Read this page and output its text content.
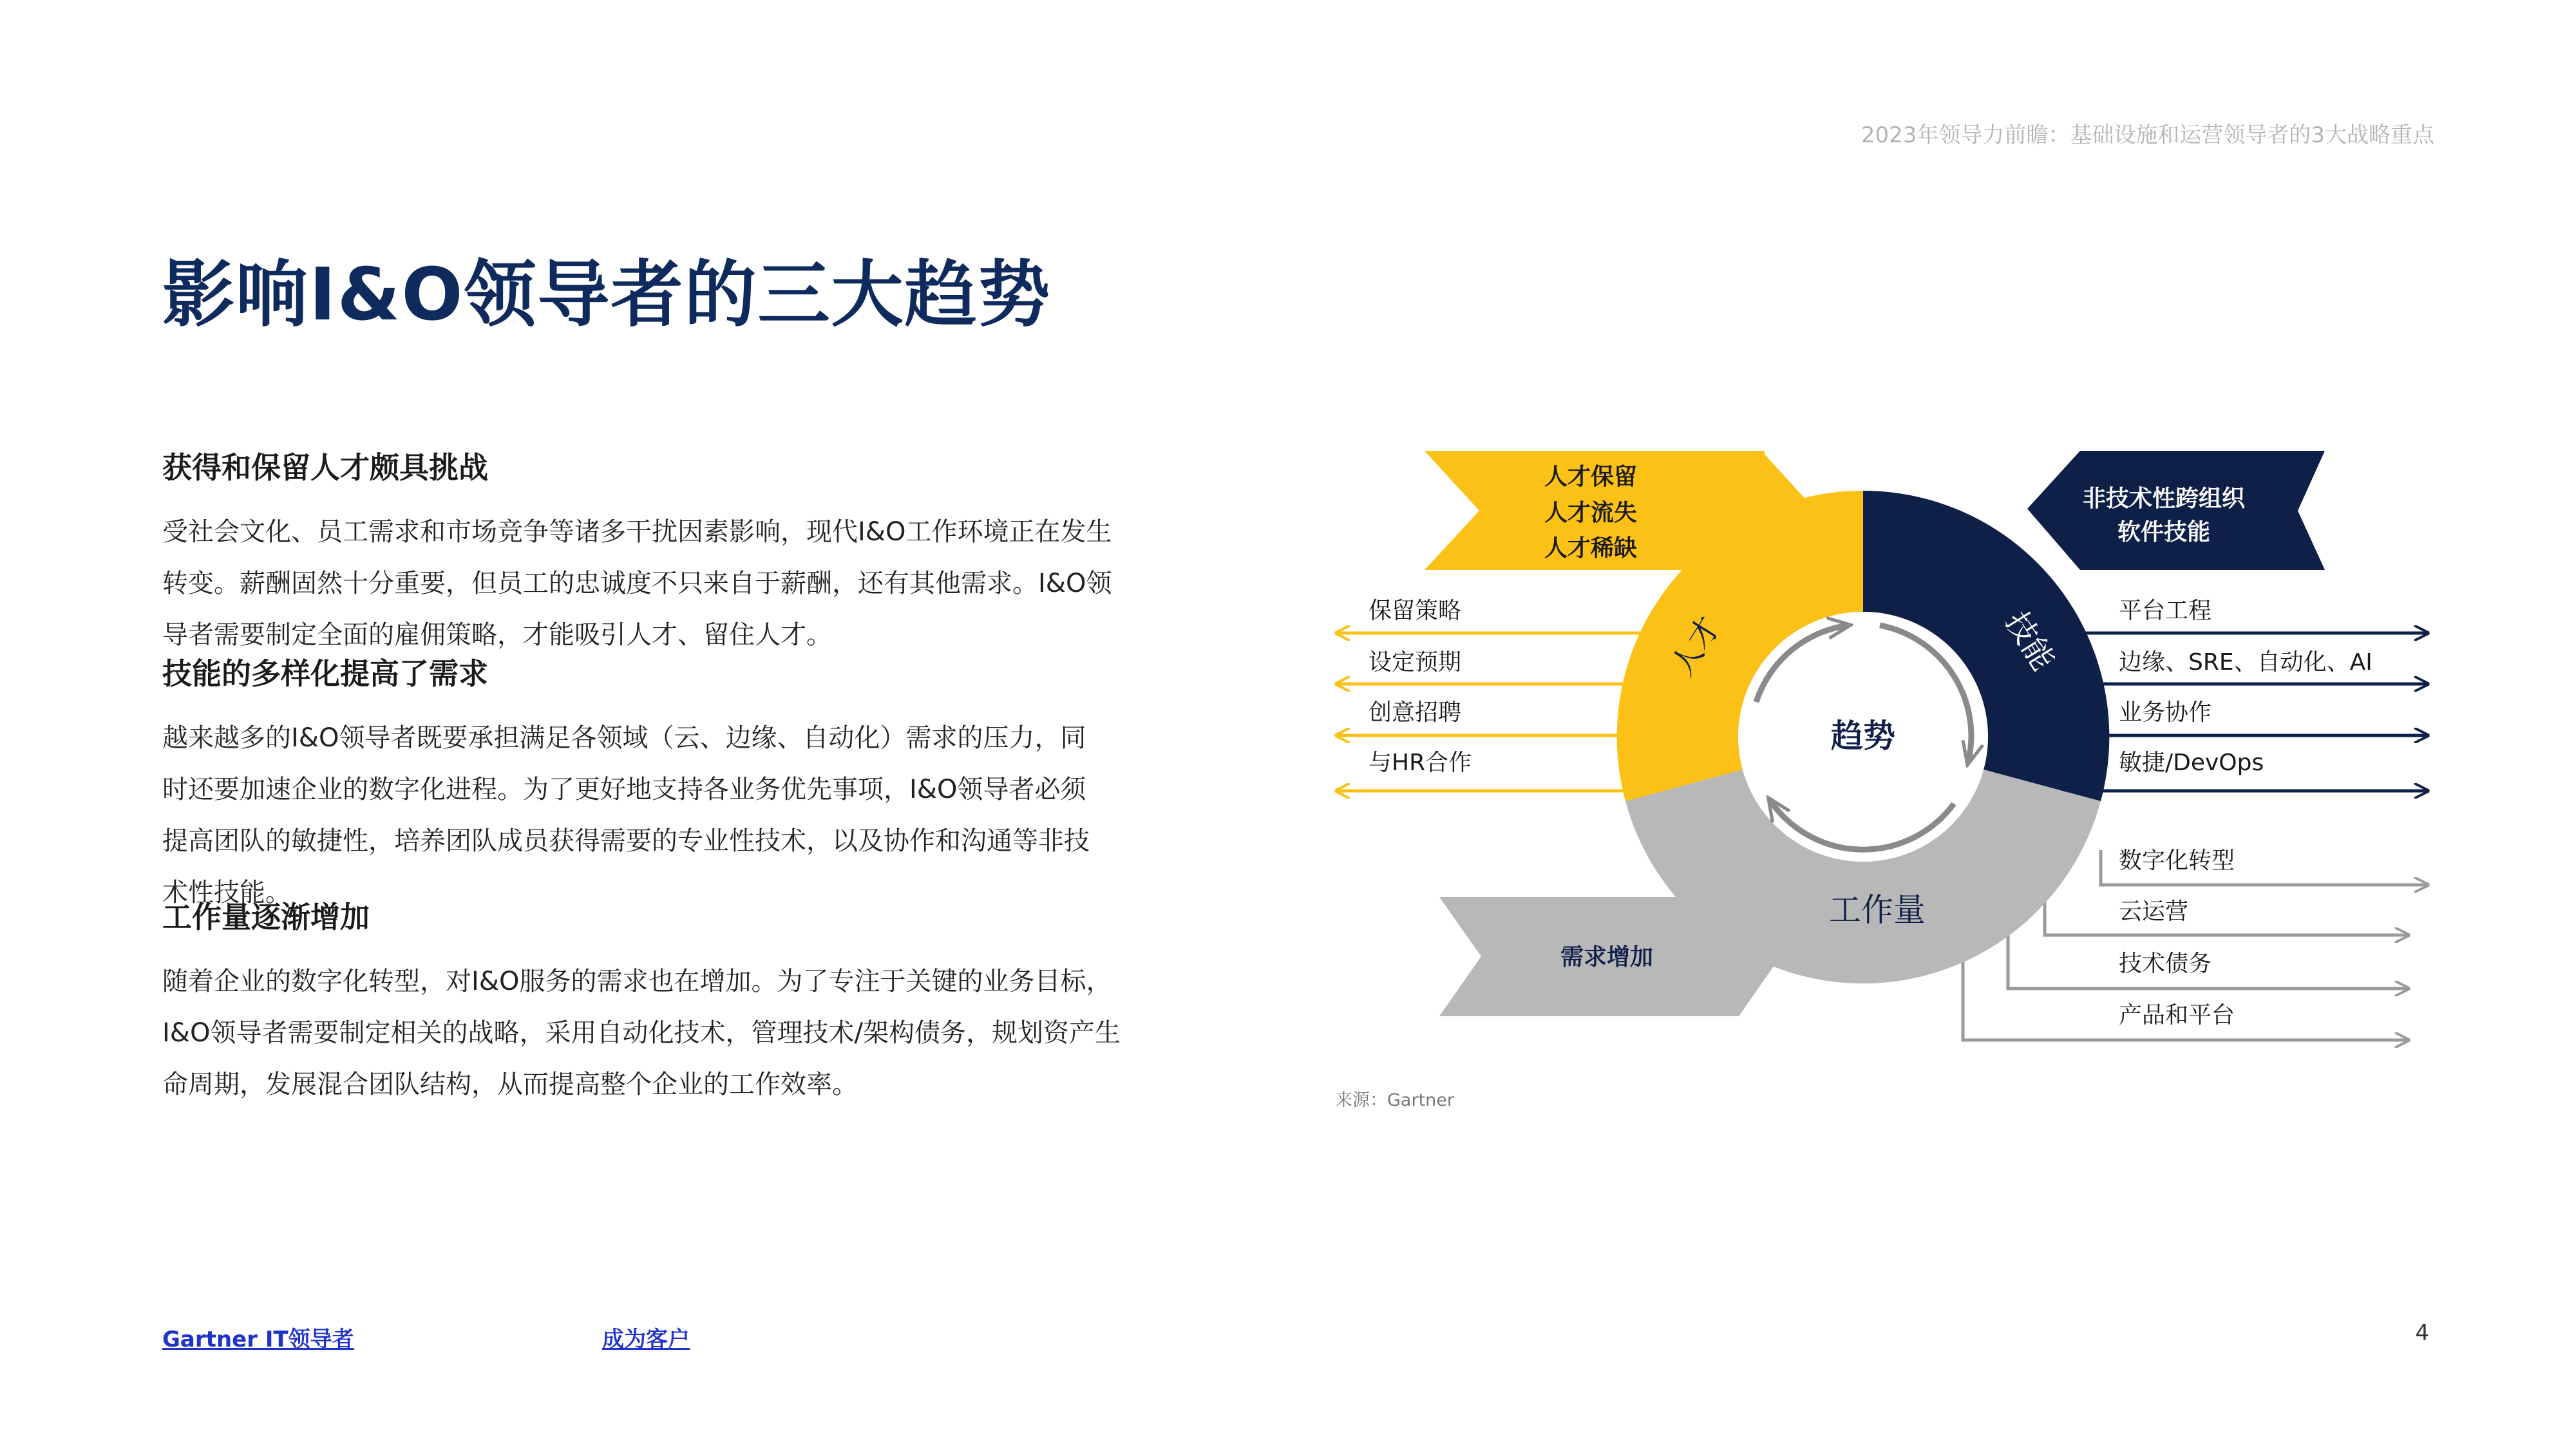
2023年领导力前瞻：基础设施和运营领导者的3大战略重点
影响I&O领导者的三大趋势
获得和保留人才颇具挑战

受社会文化、员工需求和市场竞争等诸多干扰因素影响，现代I&O工作环境正在发生
转变。薪酬固然十分重要，但员工的忠诚度不只来自于薪酬，还有其他需求。I&O领
导者需要制定全面的雇佣策略，才能吸引人才、留住人才。

技能的多样化提高了需求

越来越多的I&O领导者既要承担满足各领域（云、边缘、自动化）需求的压力，同
时还要加速企业的数字化进程。为了更好地支持各业务优先事项，I&O领导者必须
提高团队的敏捷性，培养团队成员获得需要的专业性技术，以及协作和沟通等非技
术性技能。

工作量逐渐增加

随着企业的数字化转型，对I&O服务的需求也在增加。为了专注于关键的业务目标，
I&O领导者需要制定相关的战略，采用自动化技术，管理技术/架构债务，规划资产生
命周期，发展混合团队结构，从而提高整个企业的工作效率。

趋势
人才	技能
工作量
人才保留
人才流失
人才稀缺
非技术性跨组织
软件技能
需求增加
保留策略
设定预期
创意招聘
与HR合作
平台工程
边缘、SRE、自动化、AI
业务协作
敏捷/DevOps
数字化转型
云运营
技术债务
产品和平台
来源：Gartner
Gartner IT领导者	成为客户	4
